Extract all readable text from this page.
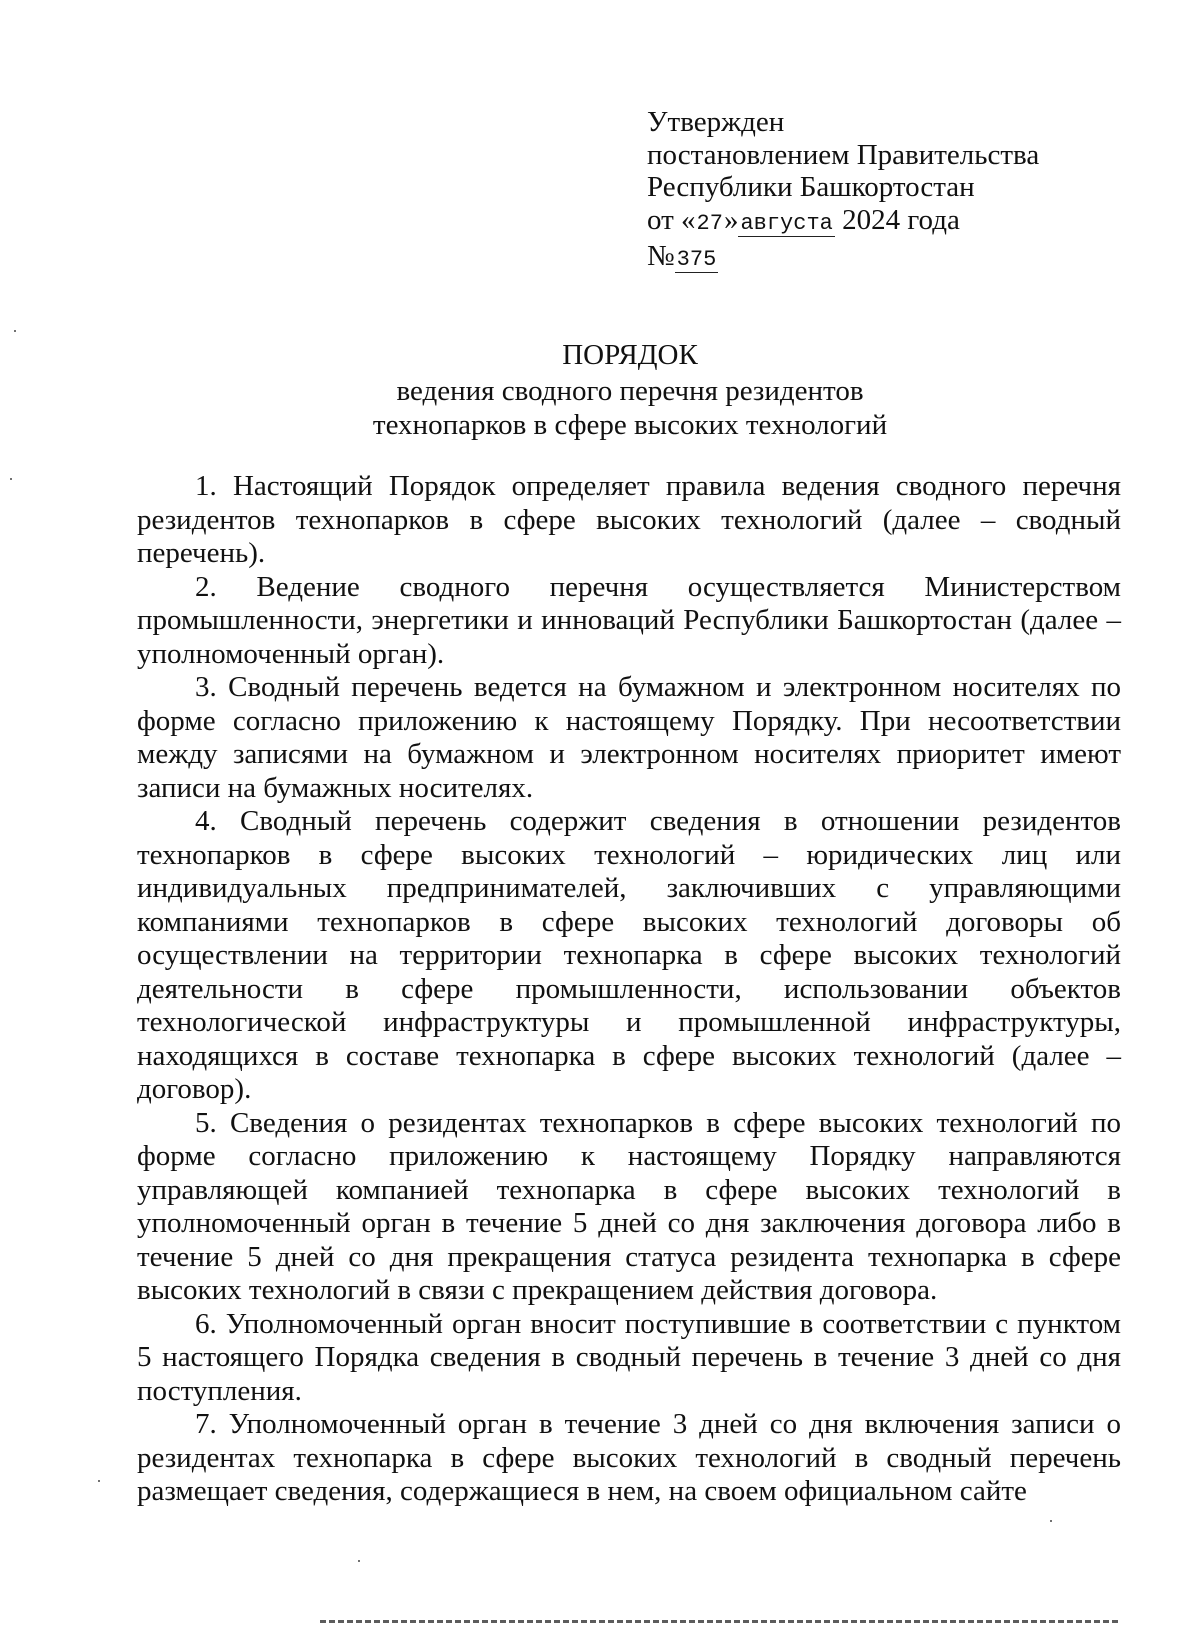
Утвержден
постановлением Правительства
Республики Башкортостан
от «27»августа 2024 года
№375
ПОРЯДОК
ведения сводного перечня резидентов
технопарков в сфере высоких технологий

1. Настоящий Порядок определяет правила ведения сводного перечня резидентов технопарков в сфере высоких технологий (далее – сводный перечень).

2. Ведение сводного перечня осуществляется Министерством промышленности, энергетики и инноваций Республики Башкортостан (далее – уполномоченный орган).

3. Сводный перечень ведется на бумажном и электронном носителях по форме согласно приложению к настоящему Порядку. При несоответствии между записями на бумажном и электронном носителях приоритет имеют записи на бумажных носителях.

4. Сводный перечень содержит сведения в отношении резидентов технопарков в сфере высоких технологий – юридических лиц или индивидуальных предпринимателей, заключивших с управляющими компаниями технопарков в сфере высоких технологий договоры об осуществлении на территории технопарка в сфере высоких технологий деятельности в сфере промышленности, использовании объектов технологической инфраструктуры и промышленной инфраструктуры, находящихся в составе технопарка в сфере высоких технологий (далее – договор).

5. Сведения о резидентах технопарков в сфере высоких технологий по форме согласно приложению к настоящему Порядку направляются управляющей компанией технопарка в сфере высоких технологий в уполномоченный орган в течение 5 дней со дня заключения договора либо в течение 5 дней со дня прекращения статуса резидента технопарка в сфере высоких технологий в связи с прекращением действия договора.

6. Уполномоченный орган вносит поступившие в соответствии с пунктом 5 настоящего Порядка сведения в сводный перечень в течение 3 дней со дня поступления.

7. Уполномоченный орган в течение 3 дней со дня включения записи о резидентах технопарка в сфере высоких технологий в сводный перечень размещает сведения, содержащиеся в нем, на своем официальном сайте
